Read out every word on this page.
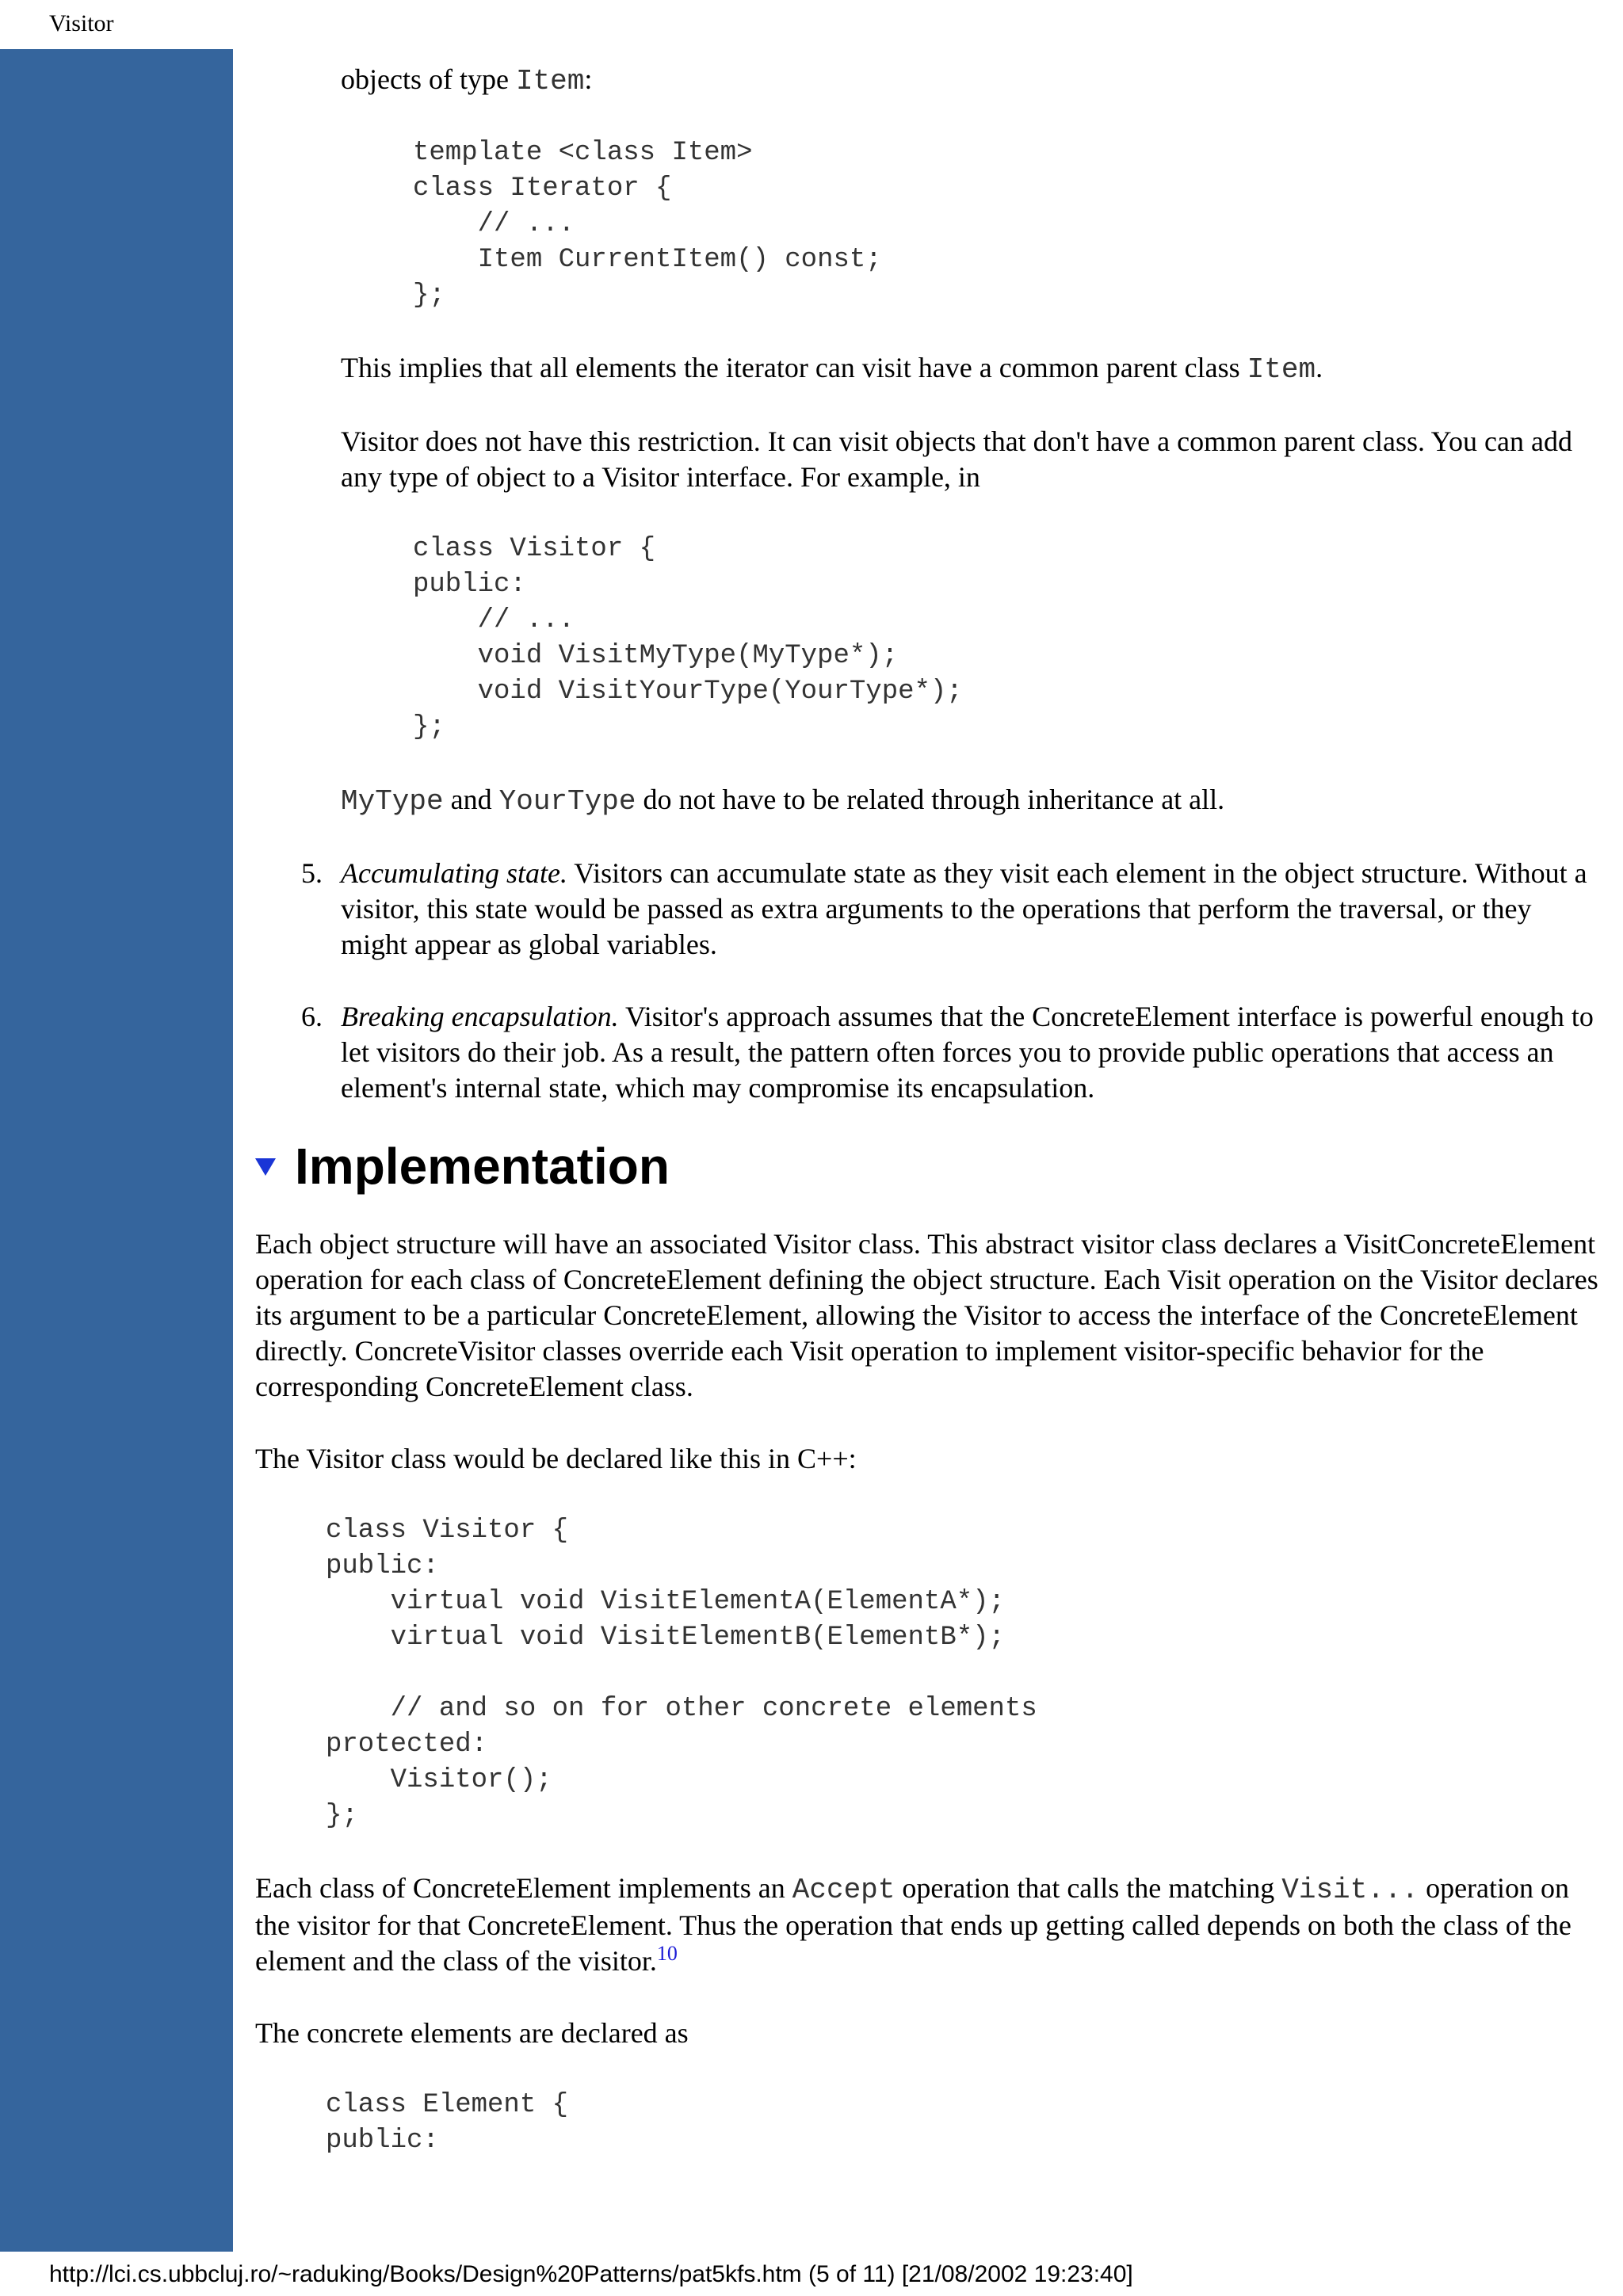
Visitor

objects of type Item:

template <class Item>
class Iterator {
// ...
Item CurrentItem() const;
};

This implies that all elements the iterator can visit have a common parent class Item.

Visitor does not have this restriction. It can visit objects that don't have a common parent class. You can add any type of object to a Visitor interface. For example, in

class Visitor {
public:
// ...
void VisitMyType(MyType*);
void VisitYourType(YourType*);
};

MyType and YourType do not have to be related through inheritance at all.

5. Accumulating state. Visitors can accumulate state as they visit each element in the object structure. Without a visitor, this state would be passed as extra arguments to the operations that perform the traversal, or they might appear as global variables.
6. Breaking encapsulation. Visitor's approach assumes that the ConcreteElement interface is powerful enough to let visitors do their job. As a result, the pattern often forces you to provide public operations that access an element's internal state, which may compromise its encapsulation.
Implementation

Each object structure will have an associated Visitor class. This abstract visitor class declares a VisitConcreteElement operation for each class of ConcreteElement defining the object structure. Each Visit operation on the Visitor declares its argument to be a particular ConcreteElement, allowing the Visitor to access the interface of the ConcreteElement directly. ConcreteVisitor classes override each Visit operation to implement visitor-specific behavior for the corresponding ConcreteElement class.

The Visitor class would be declared like this in C++:

class Visitor {
public:
virtual void VisitElementA(ElementA*);
virtual void VisitElementB(ElementB*);

// and so on for other concrete elements
protected:
Visitor();
};

Each class of ConcreteElement implements an Accept operation that calls the matching Visit... operation on the visitor for that ConcreteElement. Thus the operation that ends up getting called depends on both the class of the element and the class of the visitor.$^{10}$

The concrete elements are declared as

class Element {
public:
http://lci.cs.ubbcluj.ro/~raduking/Books/Design%20Patterns/pat5kfs.htm (5 of 11) [21/08/2002 19:23:40]
